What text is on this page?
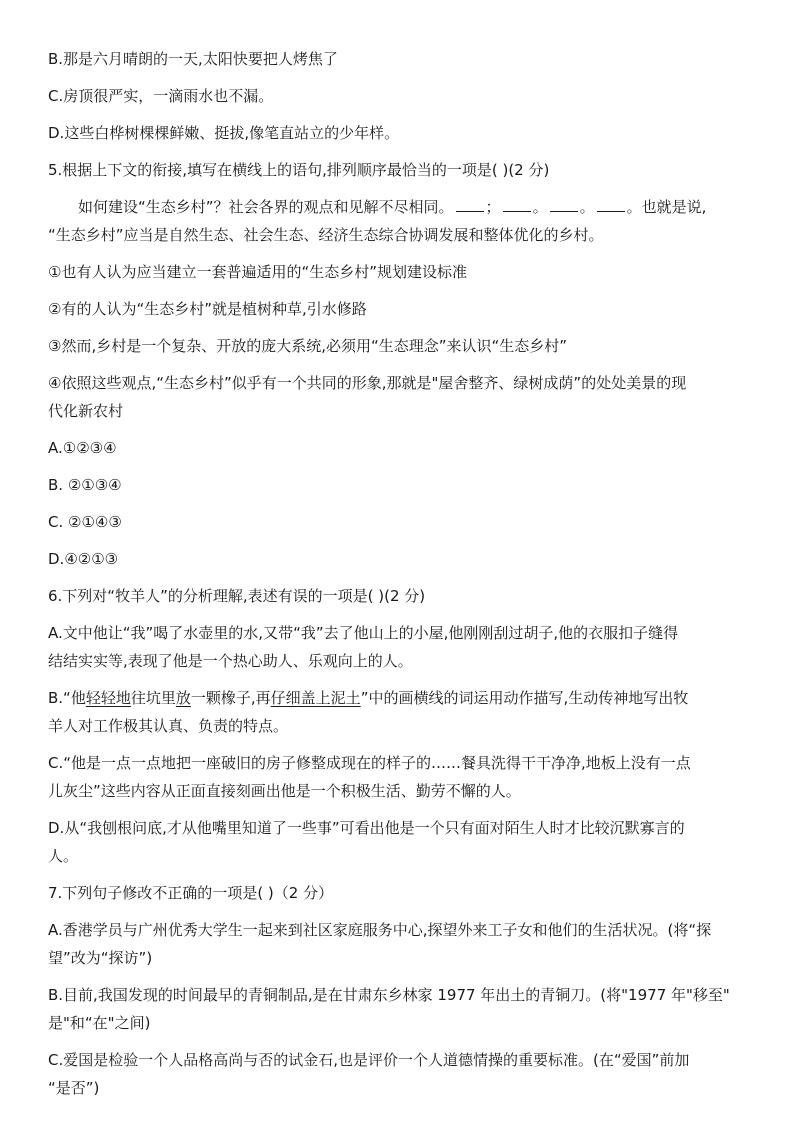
B.那是六月晴朗的一天,太阳快要把人烤焦了
C.房顶很严实，一滴雨水也不漏。
D.这些白桦树棵棵鲜嫩、挺拔,像笔直站立的少年样。
5.根据上下文的衔接,填写在横线上的语句,排列顺序最恰当的一项是( )(2 分)
如何建设“生态乡村”？社会各界的观点和见解不尽相同。 ； 。 。 。也就是说,
“生态乡村”应当是自然生态、社会生态、经济生态综合协调发展和整体优化的乡村。
①也有人认为应当建立一套普遍适用的“生态乡村”规划建设标准
②有的人认为“生态乡村”就是植树种草,引水修路
③然而,乡村是一个复杂、开放的庞大系统,必须用“生态理念”来认识“生态乡村”
④依照这些观点,“生态乡村”似乎有一个共同的形象,那就是"屋舍整齐、绿树成荫”的处处美景的现
代化新农村
A.①②③④
B. ②①③④
C. ②①④③
D.④②①③
6.下列对“牧羊人”的分析理解,表述有误的一项是( )(2 分)
A.文中他让“我”喝了水壶里的水,又带“我”去了他山上的小屋,他刚刚刮过胡子,他的衣服扣子缝得
结结实实等,表现了他是一个热心助人、乐观向上的人。
B.“他轻轻地往坑里放一颗橡子,再仔细盖上泥土”中的画横线的词运用动作描写,生动传神地写出牧
羊人对工作极其认真、负责的特点。
C.“他是一点一点地把一座破旧的房子修整成现在的样子的……餐具洗得干干净净,地板上没有一点
儿灰尘”这些内容从正面直接刻画出他是一个积极生活、勤劳不懈的人。
D.从“我刨根问底,才从他嘴里知道了一些事”可看出他是一个只有面对陌生人时才比较沉默寡言的
人。
7.下列句子修改不正确的一项是( )（2 分）
A.香港学员与广州优秀大学生一起来到社区家庭服务中心,探望外来工子女和他们的生活状况。(将“探
望”改为“探访”)
B.目前,我国发现的时间最早的青铜制品,是在甘肃东乡林家 1977 年出土的青铜刀。(将"1977 年"移至"
是"和“在"之间)
C.爱国是检验一个人品格高尚与否的试金石,也是评价一个人道德情操的重要标准。(在“爱国”前加
“是否”)
